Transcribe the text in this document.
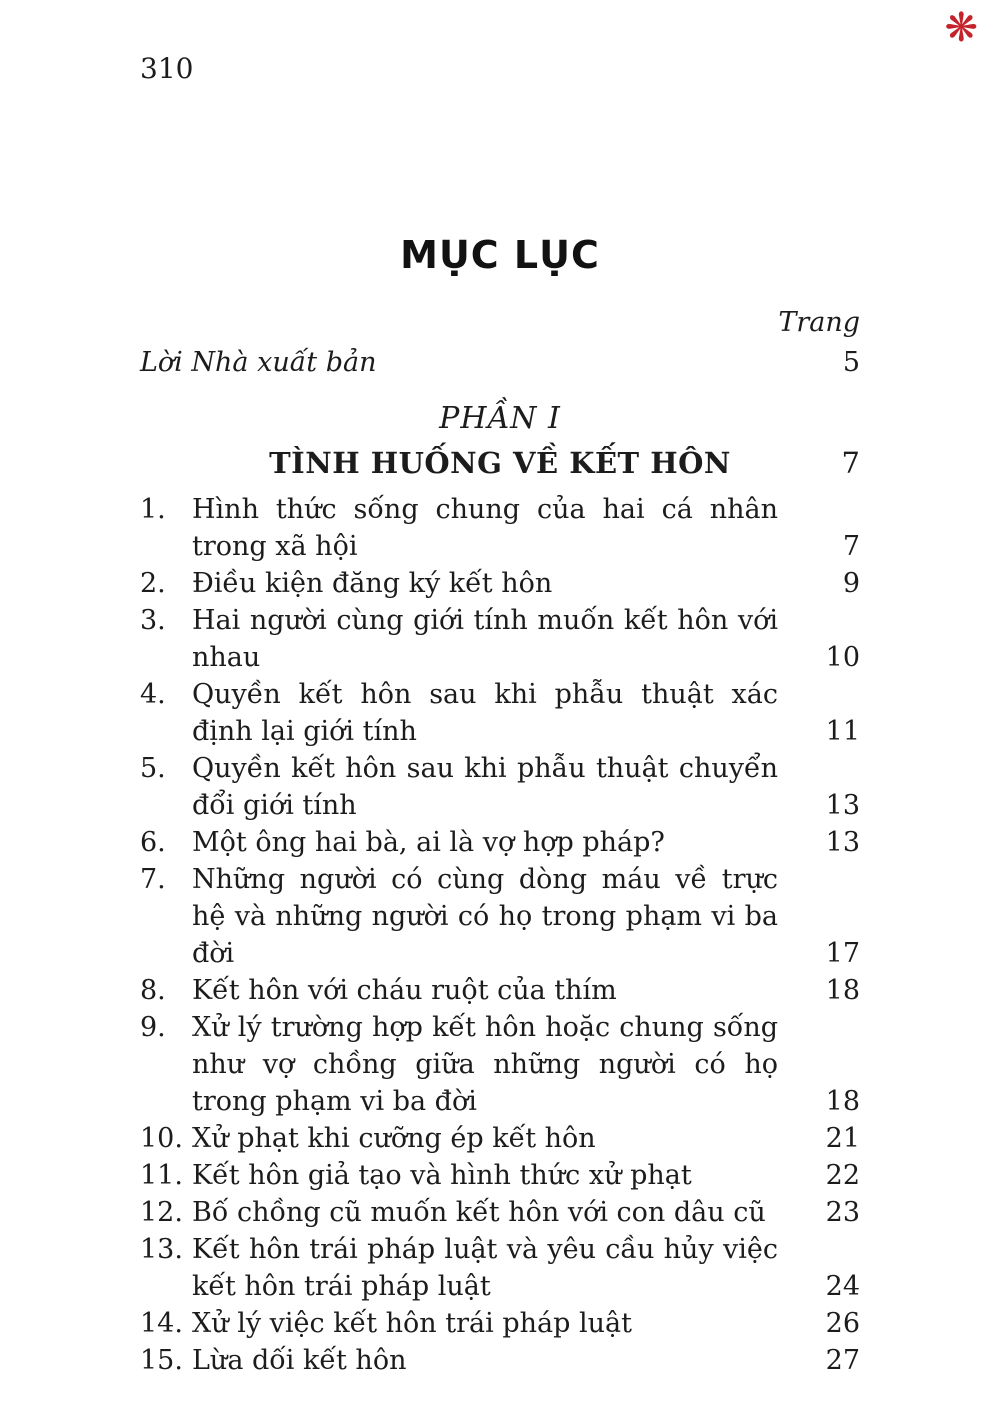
❋
310
MỤC LỤC
Trang
Lời Nhà xuất bản	5
PHẦN I
TÌNH HUỐNG VỀ KẾT HÔN	7
1. Hình thức sống chung của hai cá nhân trong xã hội	7
2. Điều kiện đăng ký kết hôn	9
3. Hai người cùng giới tính muốn kết hôn với nhau	10
4. Quyền kết hôn sau khi phẫu thuật xác định lại giới tính	11
5. Quyền kết hôn sau khi phẫu thuật chuyển đổi giới tính	13
6. Một ông hai bà, ai là vợ hợp pháp?	13
7. Những người có cùng dòng máu về trực hệ và những người có họ trong phạm vi ba đời	17
8. Kết hôn với cháu ruột của thím	18
9. Xử lý trường hợp kết hôn hoặc chung sống như vợ chồng giữa những người có họ trong phạm vi ba đời	18
10. Xử phạt khi cưỡng ép kết hôn	21
11. Kết hôn giả tạo và hình thức xử phạt	22
12. Bố chồng cũ muốn kết hôn với con dâu cũ	23
13. Kết hôn trái pháp luật và yêu cầu hủy việc kết hôn trái pháp luật	24
14. Xử lý việc kết hôn trái pháp luật	26
15. Lừa dối kết hôn	27
